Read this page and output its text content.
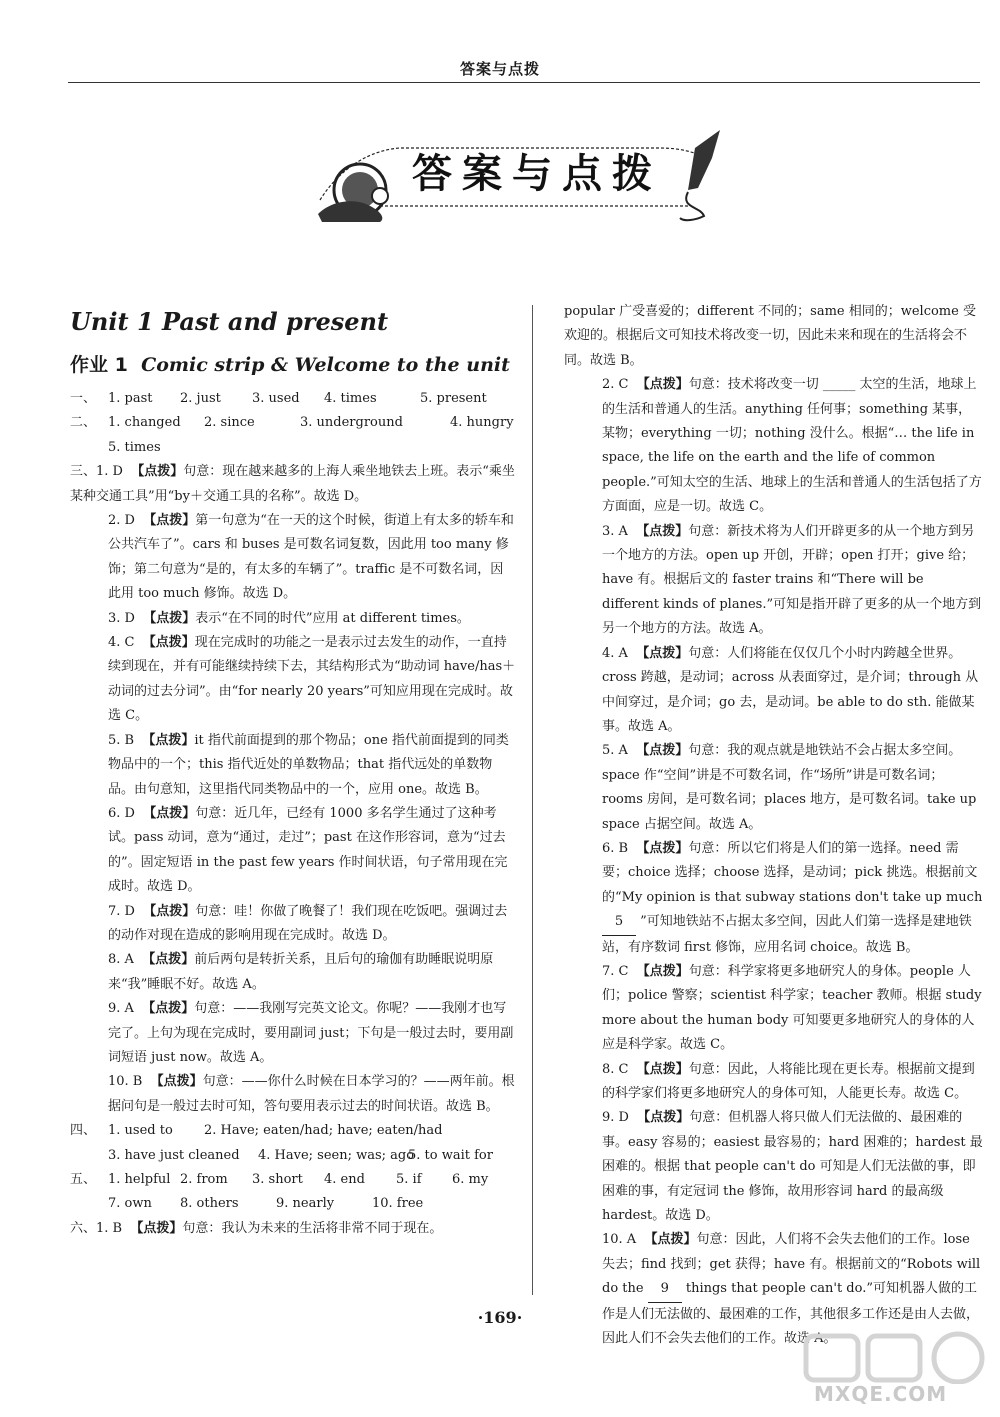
答案与点拨
答案与点拨
Unit 1 Past and present
作业 1 Comic strip & Welcome to the unit
一、 1. past	2. just	3. used	4. times	5. present
二、 1. changed	2. since	3. underground	4. hungry
5. times
三、1. D 【点拨】句意：现在越来越多的上海人乘坐地铁去上班。表示“乘坐某种交通工具”用“by＋交通工具的名称”。故选 D。
2. D 【点拨】第一句意为“在一天的这个时候，街道上有太多的轿车和公共汽车了”。cars 和 buses 是可数名词复数，因此用 too many 修饰；第二句意为“是的，有太多的车辆了”。traffic 是不可数名词，因此用 too much 修饰。故选 D。
3. D 【点拨】表示“在不同的时代”应用 at different times。
4. C 【点拨】现在完成时的功能之一是表示过去发生的动作，一直持续到现在，并有可能继续持续下去，其结构形式为“助动词 have/has＋动词的过去分词”。由“for nearly 20 years”可知应用现在完成时。故选 C。
5. B 【点拨】it 指代前面提到的那个物品；one 指代前面提到的同类物品中的一个；this 指代近处的单数物品；that 指代远处的单数物品。由句意知，这里指代同类物品中的一个，应用 one。故选 B。
6. D 【点拨】句意：近几年，已经有 1000 多名学生通过了这种考试。pass 动词，意为“通过，走过”；past 在这作形容词，意为“过去的”。固定短语 in the past few years 作时间状语，句子常用现在完成时。故选 D。
7. D 【点拨】句意：哇！你做了晚餐了！我们现在吃饭吧。强调过去的动作对现在造成的影响用现在完成时。故选 D。
8. A 【点拨】前后两句是转折关系，且后句的瑜伽有助睡眠说明原来“我”睡眠不好。故选 A。
9. A 【点拨】句意：——我刚写完英文论文。你呢？——我刚才也写完了。上句为现在完成时，要用副词 just；下句是一般过去时，要用副词短语 just now。故选 A。
10. B 【点拨】句意：——你什么时候在日本学习的？——两年前。根据问句是一般过去时可知，答句要用表示过去的时间状语。故选 B。
四、 1. used to	2. Have; eaten/had; have; eaten/had
3. have just cleaned	4. Have; seen; was; ago
5. to wait for
五、 1. helpful 2. from	3. short	4. end	5. if	6. my
7. own	8. others	9. nearly	10. free
六、1. B 【点拨】句意：我认为未来的生活将非常不同于现在。
popular 广受喜爱的；different 不同的；same 相同的；welcome 受欢迎的。根据后文可知技术将改变一切，因此未来和现在的生活将会不同。故选 B。
2. C 【点拨】句意：技术将改变一切 _____ 太空的生活，地球上的生活和普通人的生活。anything 任何事；something 某事，某物；everything 一切；nothing 没什么。根据“… the life in space, the life on the earth and the life of common people.”可知太空的生活、地球上的生活和普通人的生活包括了方方面面，应是一切。故选 C。
3. A 【点拨】句意：新技术将为人们开辟更多的从一个地方到另一个地方的方法。open up 开创，开辟；open 打开；give 给；have 有。根据后文的 faster trains 和“There will be different kinds of planes.”可知是指开辟了更多的从一个地方到另一个地方的方法。故选 A。
4. A 【点拨】句意：人们将能在仅仅几个小时内跨越全世界。cross 跨越，是动词；across 从表面穿过，是介词；through 从中间穿过，是介词；go 去，是动词。be able to do sth. 能做某事。故选 A。
5. A 【点拨】句意：我的观点就是地铁站不会占据太多空间。space 作“空间”讲是不可数名词，作“场所”讲是可数名词；rooms 房间，是可数名词；places 地方，是可数名词。take up space 占据空间。故选 A。
6. B 【点拨】句意：所以它们将是人们的第一选择。need 需要；choice 选择；choose 选择，是动词；pick 挑选。根据前文的“My opinion is that subway stations don't take up much 5 ”可知地铁站不占据太多空间，因此人们第一选择是建地铁站，有序数词 first 修饰，应用名词 choice。故选 B。
7. C 【点拨】句意：科学家将更多地研究人的身体。people 人们；police 警察；scientist 科学家；teacher 教师。根据 study more about the human body 可知要更多地研究人的身体的人应是科学家。故选 C。
8. C 【点拨】句意：因此，人将能比现在更长寿。根据前文提到的科学家们将更多地研究人的身体可知，人能更长寿。故选 C。
9. D 【点拨】句意：但机器人将只做人们无法做的、最困难的事。easy 容易的；easiest 最容易的；hard 困难的；hardest 最困难的。根据 that people can't do 可知是人们无法做的事，即困难的事，有定冠词 the 修饰，故用形容词 hard 的最高级 hardest。故选 D。
10. A 【点拨】句意：因此，人们将不会失去他们的工作。lose 失去；find 找到；get 获得；have 有。根据前文的“Robots will do the 9 things that people can't do.”可知机器人做的工作是人们无法做的、最困难的工作，其他很多工作还是由人去做，因此人们不会失去他们的工作。故选 A。
·169·
MXQE.COM
